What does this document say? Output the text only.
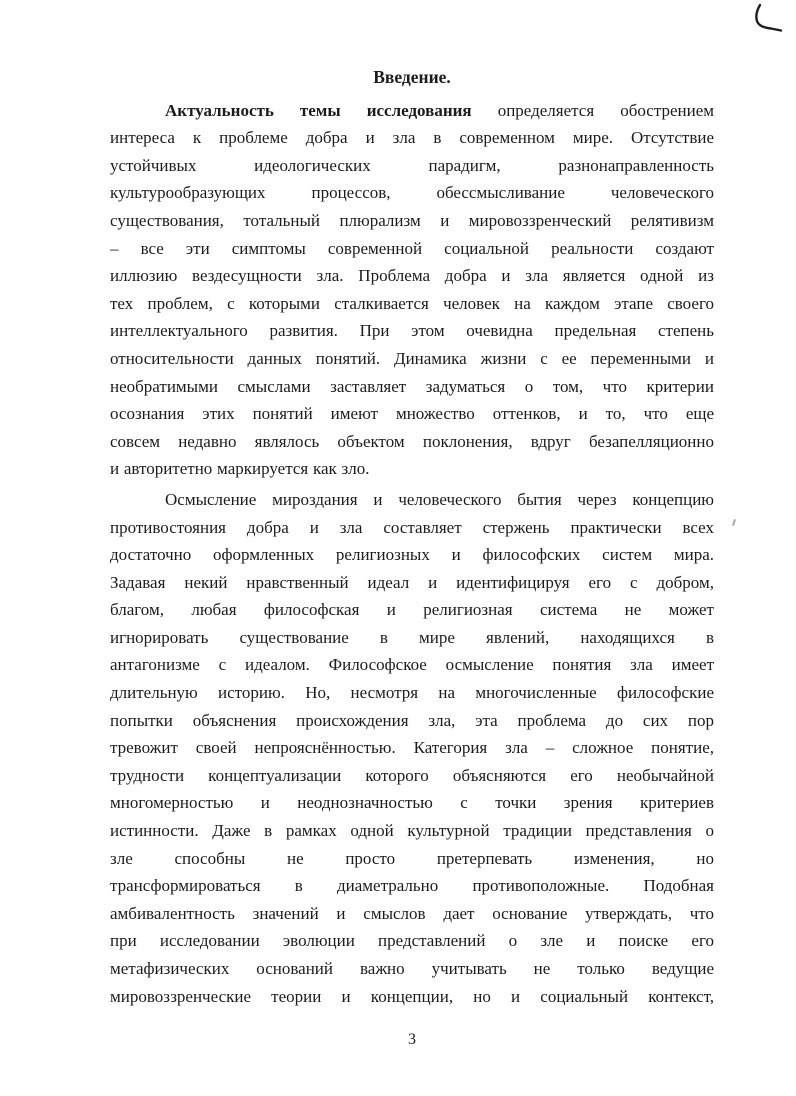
Введение.
Актуальность темы исследования определяется обострением
интереса к проблеме добра и зла в современном мире. Отсутствие
устойчивых идеологических парадигм, разнонаправленность
культурообразующих процессов, обессмысливание человеческого
существования, тотальный плюрализм и мировоззренческий релятивизм
– все эти симптомы современной социальной реальности создают
иллюзию вездесущности зла. Проблема добра и зла является одной из
тех проблем, с которыми сталкивается человек на каждом этапе своего
интеллектуального развития. При этом очевидна предельная степень
относительности данных понятий. Динамика жизни с ее переменными и
необратимыми смыслами заставляет задуматься о том, что критерии
осознания этих понятий имеют множество оттенков, и то, что еще
совсем недавно являлось объектом поклонения, вдруг безапелляционно
и авторитетно маркируется как зло.
Осмысление мироздания и человеческого бытия через концепцию
противостояния добра и зла составляет стержень практически всех
достаточно оформленных религиозных и философских систем мира.
Задавая некий нравственный идеал и идентифицируя его с добром,
благом, любая философская и религиозная система не может
игнорировать существование в мире явлений, находящихся в
антагонизме с идеалом. Философское осмысление понятия зла имеет
длительную историю. Но, несмотря на многочисленные философские
попытки объяснения происхождения зла, эта проблема до сих пор
тревожит своей непрояснённостью. Категория зла – сложное понятие,
трудности концептуализации которого объясняются его необычайной
многомерностью и неоднозначностью с точки зрения критериев
истинности. Даже в рамках одной культурной традиции представления о
зле способны не просто претерпевать изменения, но
трансформироваться в диаметрально противоположные. Подобная
амбивалентность значений и смыслов дает основание утверждать, что
при исследовании эволюции представлений о зле и поиске его
метафизических оснований важно учитывать не только ведущие
мировоззренческие теории и концепции, но и социальный контекст,
3
